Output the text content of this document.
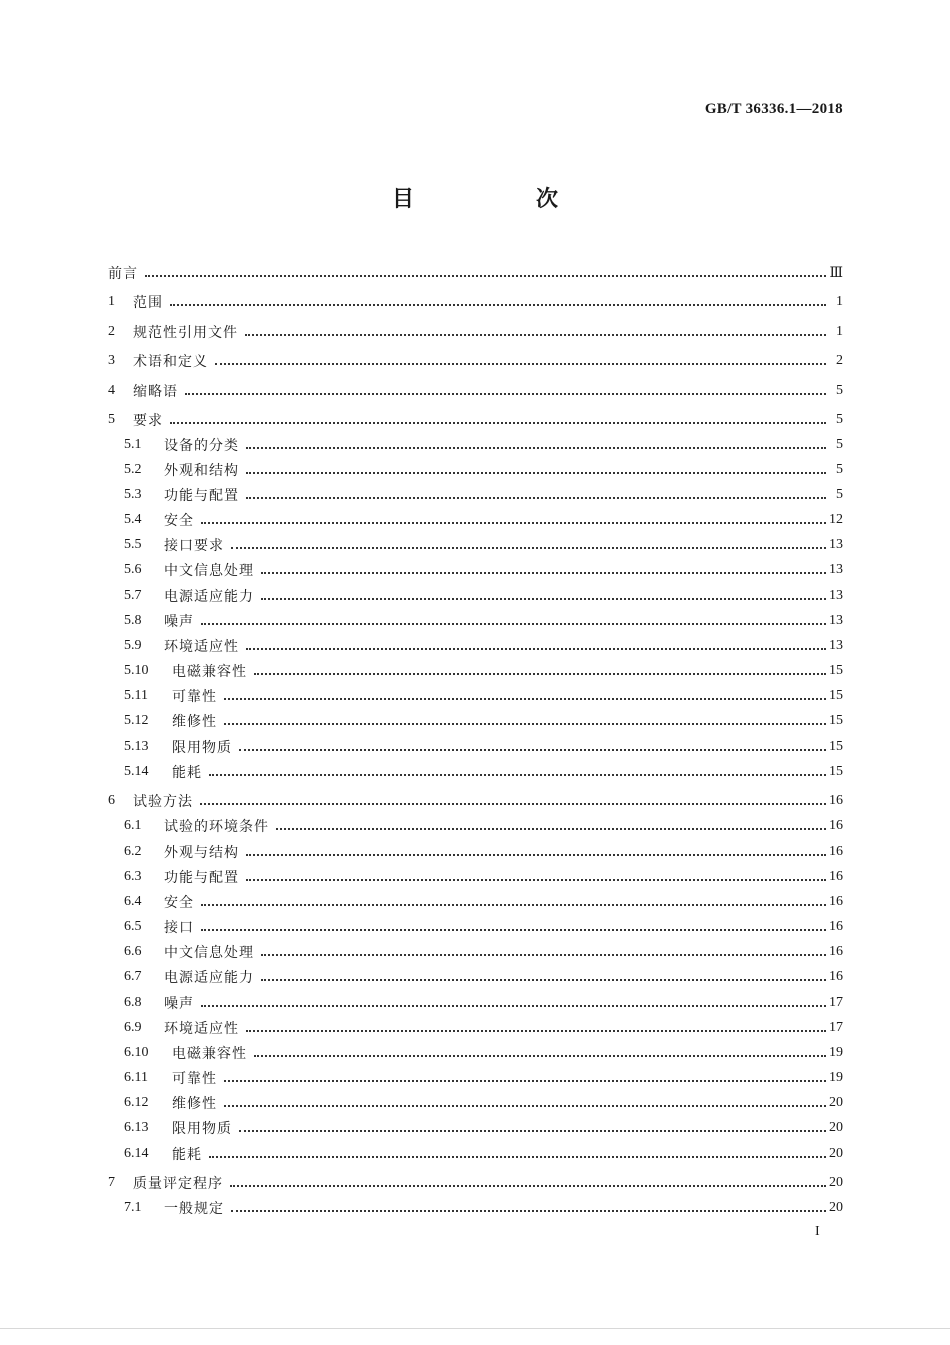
GB/T 36336.1—2018
目　次
前言	Ⅲ
1	范围	1
2	规范性引用文件	1
3	术语和定义	2
4	缩略语	5
5	要求	5
5.1	设备的分类	5
5.2	外观和结构	5
5.3	功能与配置	5
5.4	安全	12
5.5	接口要求	13
5.6	中文信息处理	13
5.7	电源适应能力	13
5.8	噪声	13
5.9	环境适应性	13
5.10	电磁兼容性	15
5.11	可靠性	15
5.12	维修性	15
5.13	限用物质	15
5.14	能耗	15
6	试验方法	16
6.1	试验的环境条件	16
6.2	外观与结构	16
6.3	功能与配置	16
6.4	安全	16
6.5	接口	16
6.6	中文信息处理	16
6.7	电源适应能力	16
6.8	噪声	17
6.9	环境适应性	17
6.10	电磁兼容性	19
6.11	可靠性	19
6.12	维修性	20
6.13	限用物质	20
6.14	能耗	20
7	质量评定程序	20
7.1	一般规定	20
I
